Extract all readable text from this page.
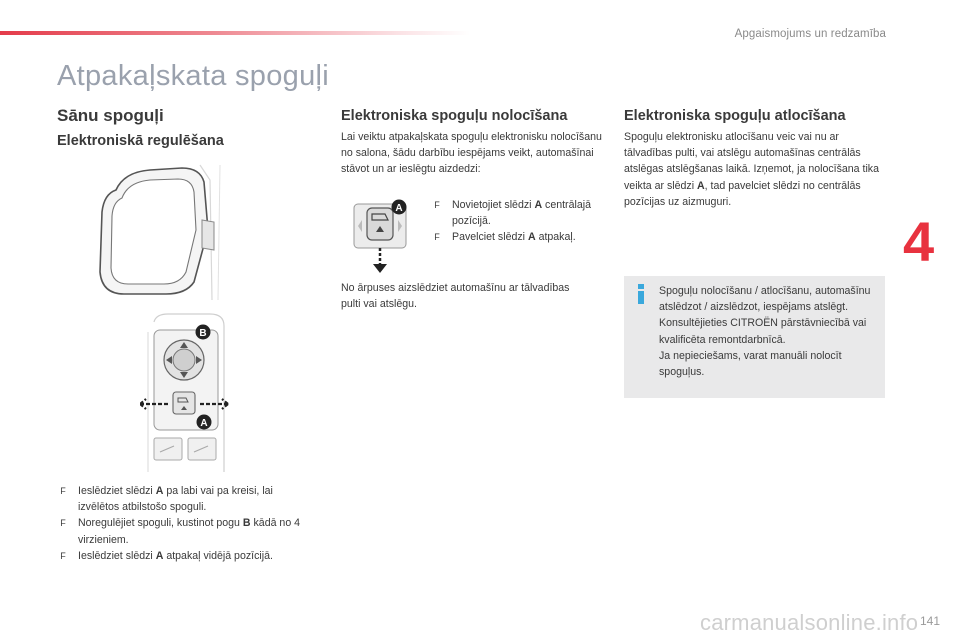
Apgaismojums un redzamība
Atpakaļskata spoguļi
4
Sānu spoguļi
Elektroniskā regulēšana
B
A
F	Ieslēdziet slēdzi A pa labi vai pa kreisi, lai izvēlētos atbilstošo spoguli.
F	Noregulējiet spoguli, kustinot pogu B kādā no 4 virzieniem.
F	Ieslēdziet slēdzi A atpakaļ vidējā pozīcijā.
Elektroniska spoguļu nolocīšana
Lai veiktu atpakaļskata spoguļu elektronisku nolocīšanu no salona, šādu darbību iespējams veikt, automašīnai stāvot un ar ieslēgtu aizdedzi:
A	F	Novietojiet slēdzi A centrālajā pozīcijā.
F	Pavelciet slēdzi A atpakaļ.
No ārpuses aizslēdziet automašīnu ar tālvadības pulti vai atslēgu.
Elektroniska spoguļu atlocīšana
Spoguļu elektronisku atlocīšanu veic vai nu ar tālvadības pulti, vai atslēgu automašīnas centrālās atslēgas atslēgšanas laikā. Izņemot, ja nolocīšana tika veikta ar slēdzi A, tad pavelciet slēdzi no centrālās pozīcijas uz aizmuguri.
Spoguļu nolocīšanu / atlocīšanu, automašīnu atslēdzot / aizslēdzot, iespējams atslēgt. Konsultējieties CITROËN pārstāvniecībā vai kvalificēta remontdarbnīcā.
Ja nepieciešams, varat manuāli nolocīt spoguļus.
carmanualsonline.info 141
